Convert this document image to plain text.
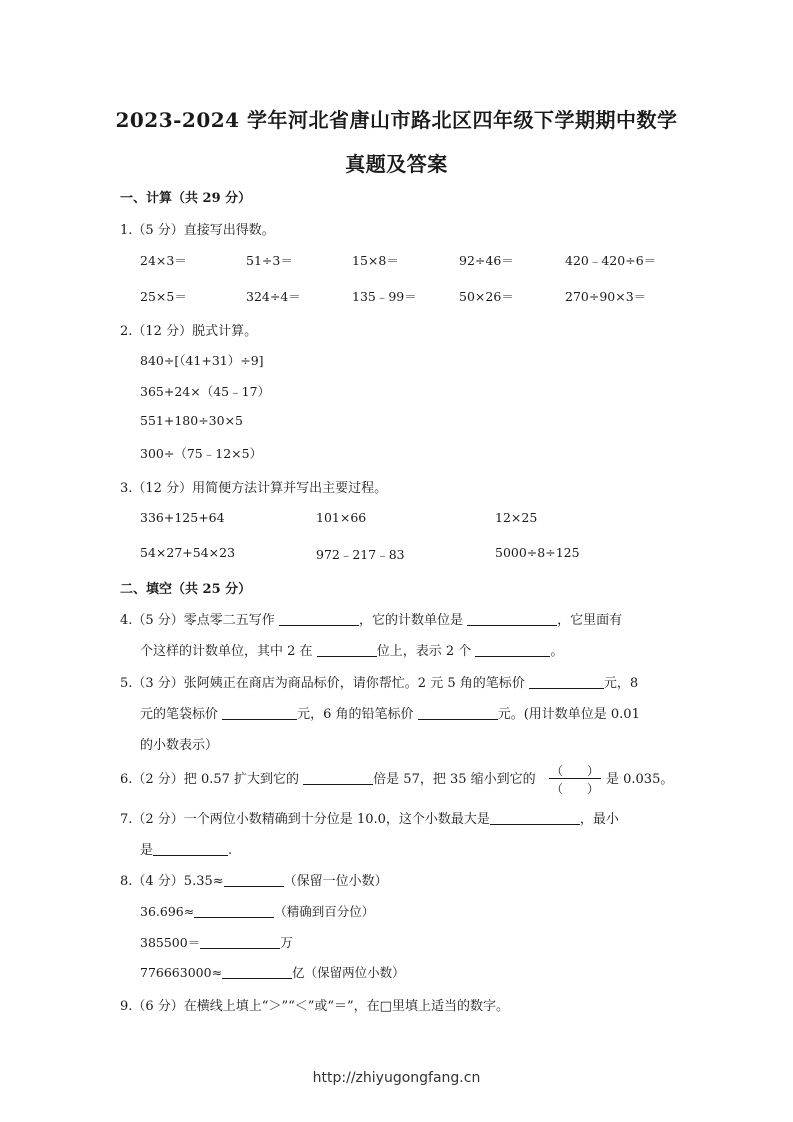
2023-2024 学年河北省唐山市路北区四年级下学期期中数学
真题及答案
一、计算（共 29 分）
1.（5 分）直接写出得数。
24×3＝	51÷3＝	15×8＝	92÷46＝	420﹣420÷6＝
25×5＝	324÷4＝	135﹣99＝	50×26＝	270÷90×3＝
2.（12 分）脱式计算。
840÷[（41+31）÷9]
365+24×（45﹣17）
551+180÷30×5
300÷（75﹣12×5）
3.（12 分）用简便方法计算并写出主要过程。
336+125+64	101×66	12×25
54×27+54×23	972﹣217﹣83	5000÷8÷125
二、填空（共 25 分）
4.（5 分）零点零二五写作	，它的计数单位是	，它里面有
个这样的计数单位，其中 2 在	位上，表示 2 个	。
5.（3 分）张阿姨正在商店为商品标价，请你帮忙。2 元 5 角的笔标价	元，8
元的笔袋标价	元，6 角的铅笔标价	元。(用计数单位是 0.01
的小数表示）
6.（2 分）把 0.57 扩大到它的	倍是 57，把 35 缩小到它的
（　　）
（　　）
是 0.035。
7.（2 分）一个两位小数精确到十分位是 10.0，这个小数最大是	，最小
是	.
8.（4 分）5.35≈	（保留一位小数）
36.696≈	（精确到百分位）
385500＝	万
776663000≈	亿（保留两位小数）
9.（6 分）在横线上填上“＞”“＜”或“＝”，在□里填上适当的数字。
http://zhiyugongfang.cn
